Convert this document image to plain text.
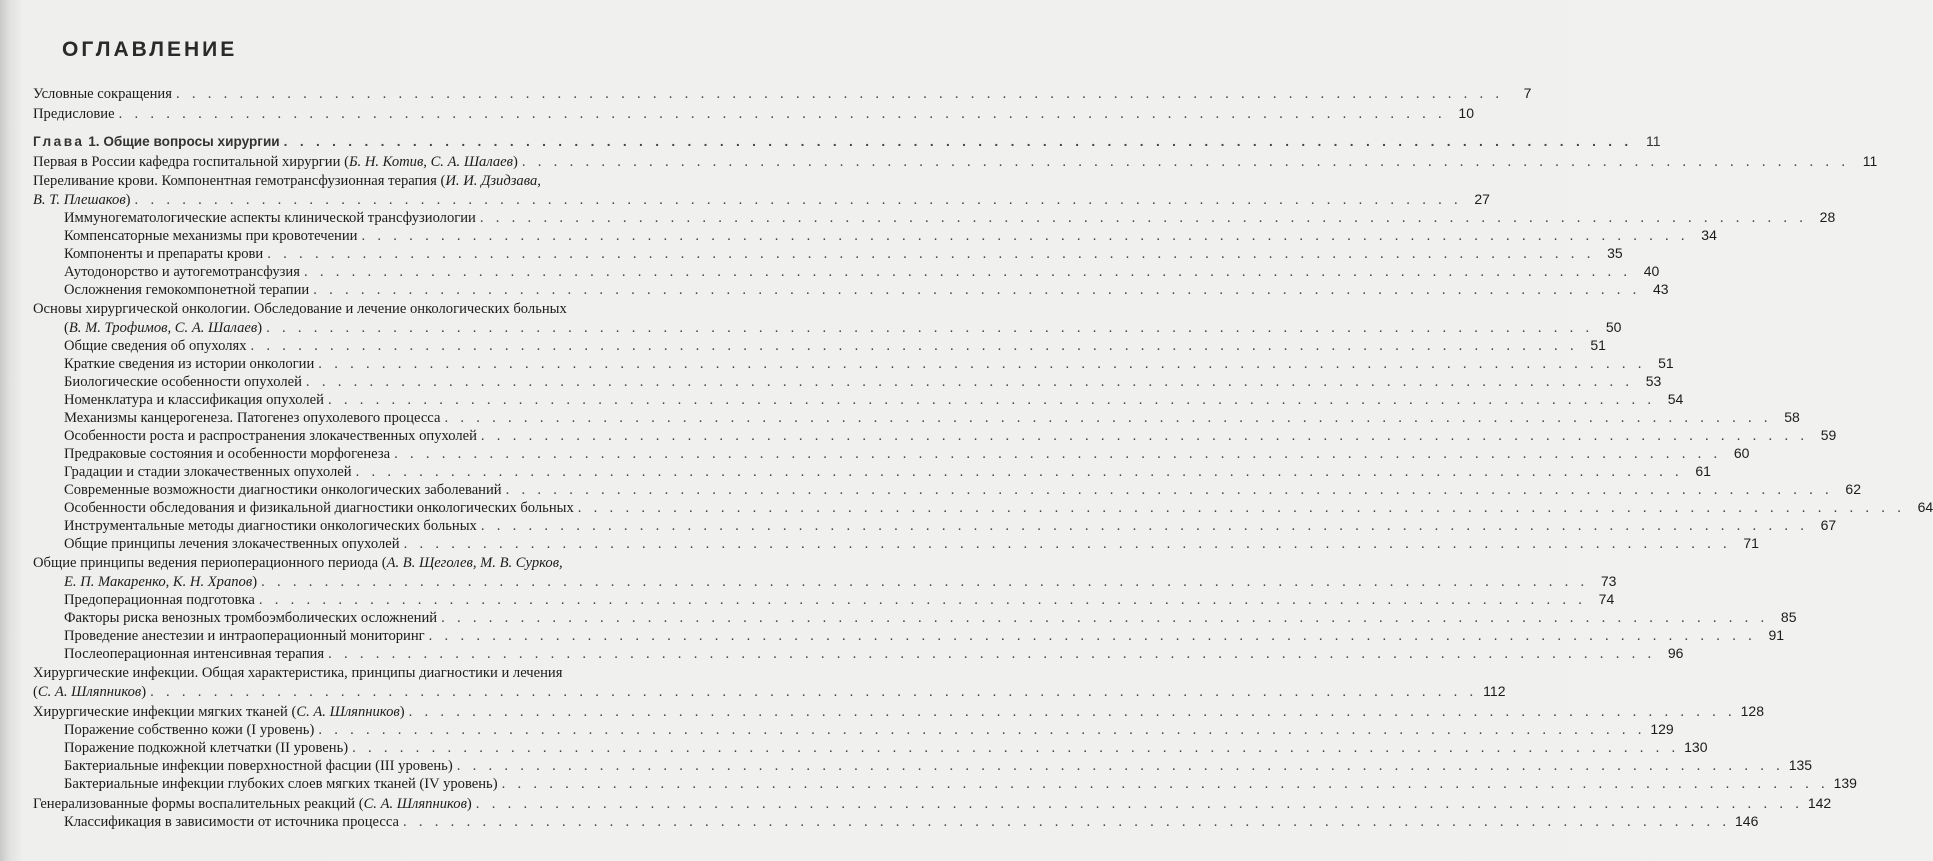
ОГЛАВЛЕНИЕ
Условные сокращения . . .	7
Предисловие . . .	10
Глава 1. Общие вопросы хирургии . . .	11
Первая в России кафедра госпитальной хирургии (Б. Н. Котив, С. А. Шалаев) . . .	11
Переливание крови. Компонентная гемотрансфузионная терапия (И. И. Дзидзава,
В. Т. Плешаков) . . .	27
Иммуногематологические аспекты клинической трансфузиологии . . .	28
Компенсаторные механизмы при кровотечении . . .	34
Компоненты и препараты крови . . .	35
Аутодонорство и аутогемотрансфузия . . .	40
Осложнения гемокомпонетной терапии . . .	43
Основы хирургической онкологии. Обследование и лечение онкологических больных
(В. М. Трофимов, С. А. Шалаев) . . .	50
Общие сведения об опухолях . . .	51
Краткие сведения из истории онкологии . . .	51
Биологические особенности опухолей . . .	53
Номенклатура и классификация опухолей . . .	54
Механизмы канцерогенеза. Патогенез опухолевого процесса . . .	58
Особенности роста и распространения злокачественных опухолей . . .	59
Предраковые состояния и особенности морфогенеза . . .	60
Градации и стадии злокачественных опухолей . . .	61
Современные возможности диагностики онкологических заболеваний . . .	62
Особенности обследования и физикальной диагностики онкологических больных . . .	64
Инструментальные методы диагностики онкологических больных . . .	67
Общие принципы лечения злокачественных опухолей . . .	71
Общие принципы ведения периоперационного периода (А. В. Щеголев, М. В. Сурков,
Е. П. Макаренко, К. Н. Храпов) . . .	73
Предоперационная подготовка . . .	74
Факторы риска венозных тромбоэмболических осложнений . . .	85
Проведение анестезии и интраоперационный мониторинг . . .	91
Послеоперационная интенсивная терапия . . .	96
Хирургические инфекции. Общая характеристика, принципы диагностики и лечения
(С. А. Шляпников) . . .	112
Хирургические инфекции мягких тканей (С. А. Шляпников) . . .	128
Поражение собственно кожи (I уровень) . . .	129
Поражение подкожной клетчатки (II уровень) . . .	130
Бактериальные инфекции поверхностной фасции (III уровень) . . .	135
Бактериальные инфекции глубоких слоев мягких тканей (IV уровень) . . .	139
Генерализованные формы воспалительных реакций (С. А. Шляпников) . . .	142
Классификация в зависимости от источника процесса . . .	146
